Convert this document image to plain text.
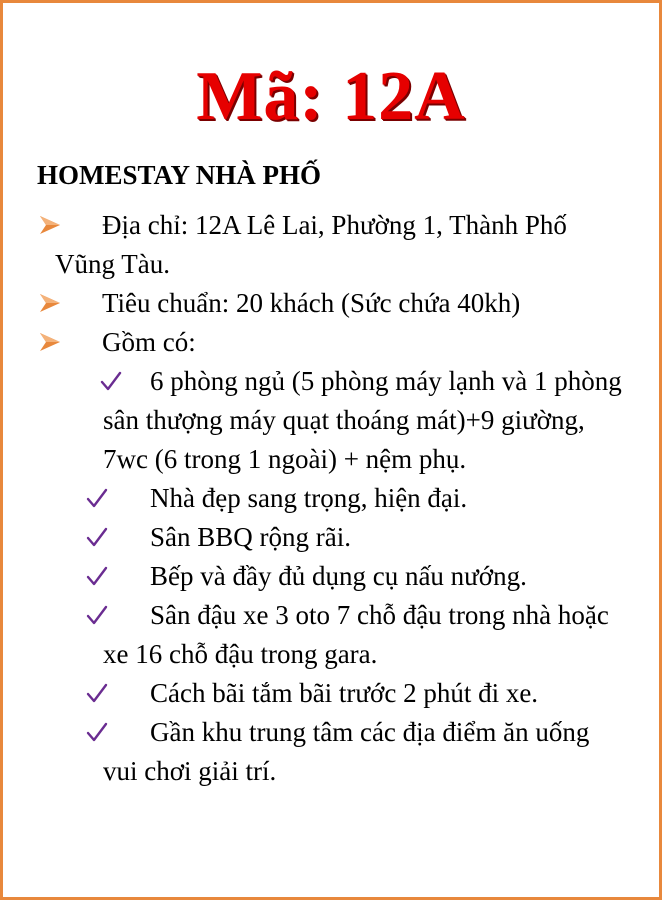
Mã: 12A
HOMESTAY NHÀ PHỐ
Địa chỉ: 12A Lê Lai, Phường 1, Thành Phố Vũng Tàu.
Tiêu chuẩn: 20 khách (Sức chứa 40kh)
Gồm có:
6 phòng ngủ (5 phòng máy lạnh và 1 phòng sân thượng máy quạt thoáng mát)+9 giường, 7wc (6 trong 1 ngoài) + nệm phụ.
Nhà đẹp sang trọng, hiện đại.
Sân BBQ rộng rãi.
Bếp và đầy đủ dụng cụ nấu nướng.
Sân đậu xe 3 oto 7 chỗ đậu trong nhà hoặc xe 16 chỗ đậu trong gara.
Cách bãi tắm bãi trước 2 phút đi xe.
Gần khu trung tâm các địa điểm ăn uống vui chơi giải trí.
